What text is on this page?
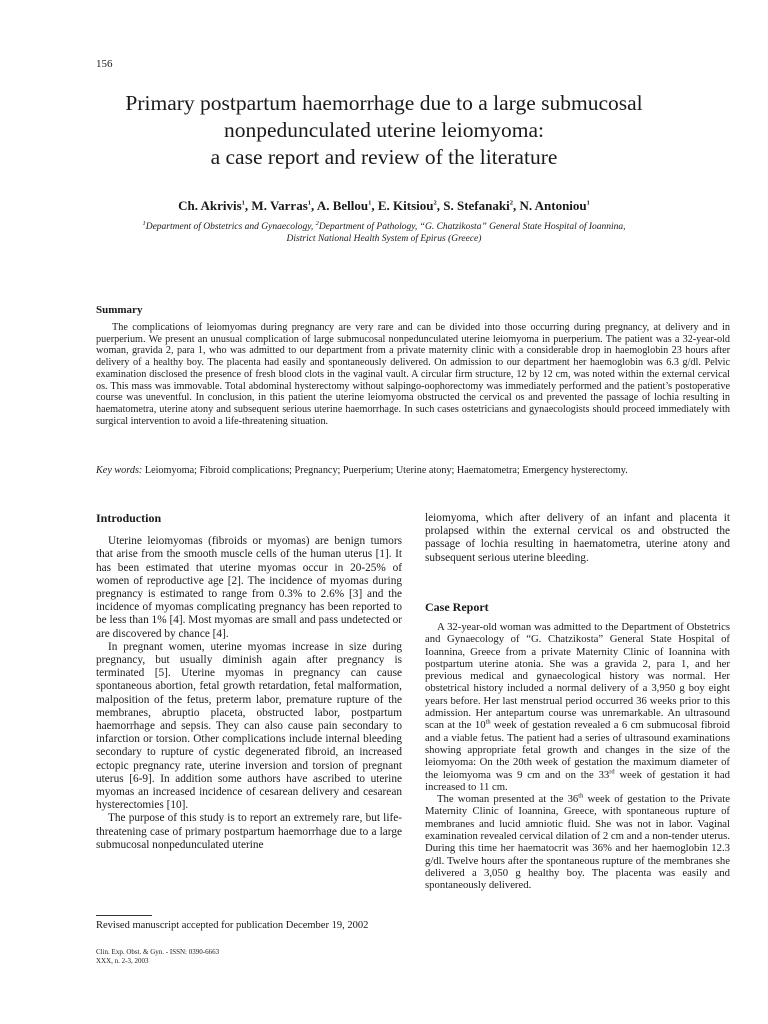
156
Primary postpartum haemorrhage due to a large submucosal
nonpedunculated uterine leiomyoma:
a case report and review of the literature
Ch. Akrivis$^1$, M. Varras$^1$, A. Bellou$^1$, E. Kitsiou$^2$, S. Stefanaki$^2$, N. Antoniou$^1$
$^1$Department of Obstetrics and Gynaecology, $^2$Department of Pathology, “G. Chatzikosta” General State Hospital of Ioannina,
District National Health System of Epirus (Greece)
Summary

The complications of leiomyomas during pregnancy are very rare and can be divided into those occurring during pregnancy, at delivery and in puerperium. We present an unusual complication of large submucosal nonpedunculated uterine leiomyoma in puerperium. The patient was a 32-year-old woman, gravida 2, para 1, who was admitted to our department from a private maternity clinic with a considerable drop in haemoglobin 23 hours after delivery of a healthy boy. The placenta had easily and spontaneously delivered. On admission to our department her haemoglobin was 6.3 g/dl. Pelvic examination disclosed the presence of fresh blood clots in the vaginal vault. A circular firm structure, 12 by 12 cm, was noted within the external cervical os. This mass was immovable. Total abdominal hysterectomy without salpingo-oophorectomy was immediately performed and the patient’s postoperative course was uneventful. In conclusion, in this patient the uterine leiomyoma obstructed the cervical os and prevented the passage of lochia resulting in haematometra, uterine atony and subsequent serious uterine haemorrhage. In such cases ostetricians and gynaecologists should proceed immediately with surgical intervention to avoid a life-threatening situation.

Key words: Leiomyoma; Fibroid complications; Pregnancy; Puerperium; Uterine atony; Haematometra; Emergency hysterectomy.
Introduction

Uterine leiomyomas (fibroids or myomas) are benign tumors that arise from the smooth muscle cells of the human uterus [1]. It has been estimated that uterine myomas occur in 20-25% of women of reproductive age [2]. The incidence of myomas during pregnancy is estimated to range from 0.3% to 2.6% [3] and the incidence of myomas complicating pregnancy has been reported to be less than 1% [4]. Most myomas are small and pass undetected or are discovered by chance [4].

In pregnant women, uterine myomas increase in size during pregnancy, but usually diminish again after pregnancy is terminated [5]. Uterine myomas in pregnancy can cause spontaneous abortion, fetal growth retardation, fetal malformation, malposition of the fetus, preterm labor, premature rupture of the membranes, abruptio placeta, obstructed labor, postpartum haemorrhage and sepsis. They can also cause pain secondary to infarction or torsion. Other complications include internal bleeding secondary to rupture of cystic degenerated fibroid, an increased ectopic pregnancy rate, uterine inversion and torsion of pregnant uterus [6-9]. In addition some authors have ascribed to uterine myomas an increased incidence of cesarean delivery and cesarean hysterectomies [10].

The purpose of this study is to report an extremely rare, but life-threatening case of primary postpartum haemorrhage due to a large submucosal nonpedunculated uterine

leiomyoma, which after delivery of an infant and placenta it prolapsed within the external cervical os and obstructed the passage of lochia resulting in haematometra, uterine atony and subsequent serious uterine bleeding.

Case Report

A 32-year-old woman was admitted to the Department of Obstetrics and Gynaecology of “G. Chatzikosta” General State Hospital of Ioannina, Greece from a private Maternity Clinic of Ioannina with postpartum uterine atonia. She was a gravida 2, para 1, and her previous medical and gynaecological history was normal. Her obstetrical history included a normal delivery of a 3,950 g boy eight years before. Her last menstrual period occurred 36 weeks prior to this admission. Her antepartum course was unremarkable. An ultrasound scan at the 10th week of gestation revealed a 6 cm submucosal fibroid and a viable fetus. The patient had a series of ultrasound examinations showing appropriate fetal growth and changes in the size of the leiomyoma: On the 20th week of gestation the maximum diameter of the leiomyoma was 9 cm and on the 33rd week of gestation it had increased to 11 cm.

The woman presented at the 36th week of gestation to the Private Maternity Clinic of Ioannina, Greece, with spontaneous rupture of membranes and lucid amniotic fluid. She was not in labor. Vaginal examination revealed cervical dilation of 2 cm and a non-tender uterus. During this time her haematocrit was 36% and her haemoglobin 12.3 g/dl. Twelve hours after the spontaneous rupture of the membranes she delivered a 3,050 g healthy boy. The placenta was easily and spontaneously delivered.

Revised manuscript accepted for publication December 19, 2002
Clin. Exp. Obst. & Gyn. - ISSN: 0390-6663
XXX, n. 2-3, 2003
